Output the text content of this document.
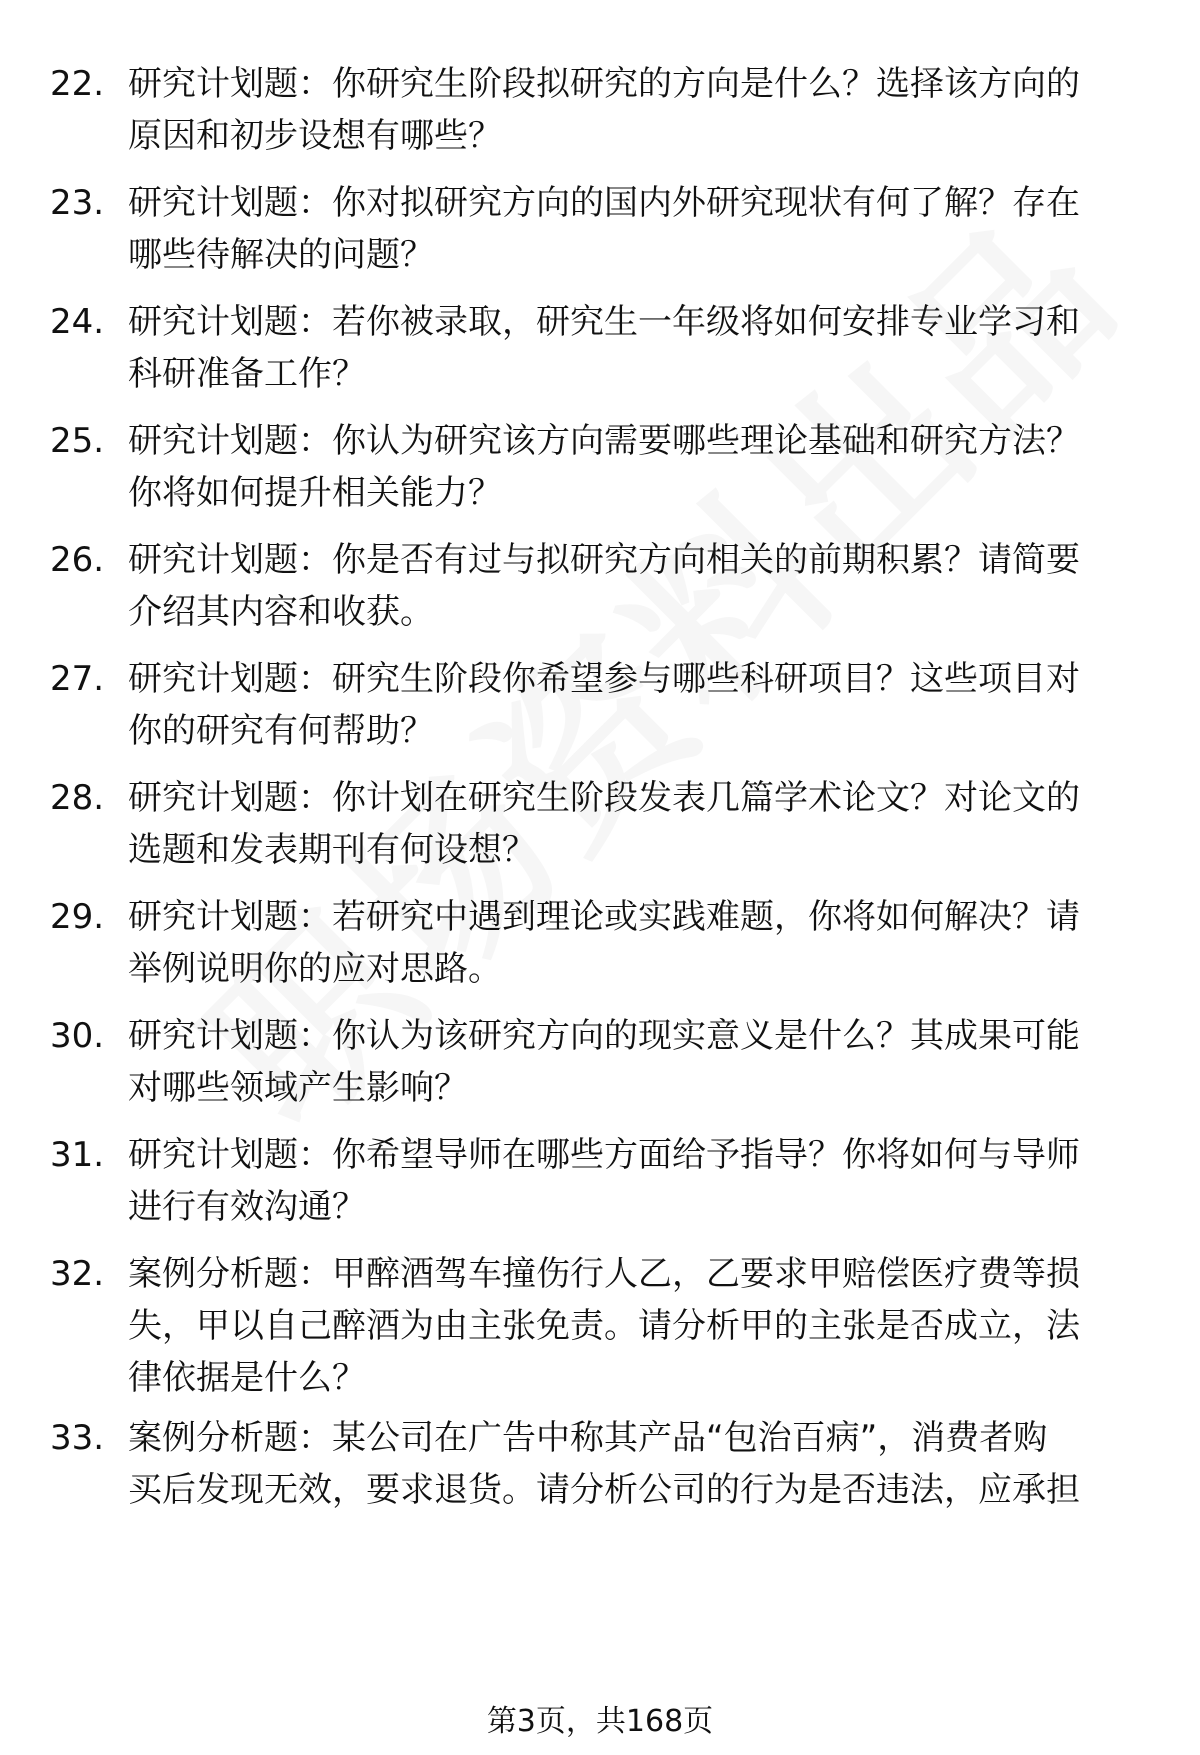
22. 研究计划题：你研究生阶段拟研究的方向是什么？选择该方向的
原因和初步设想有哪些？
23. 研究计划题：你对拟研究方向的国内外研究现状有何了解？存在
哪些待解决的问题？
24. 研究计划题：若你被录取，研究生一年级将如何安排专业学习和
科研准备工作？
25. 研究计划题：你认为研究该方向需要哪些理论基础和研究方法？
你将如何提升相关能力？
26. 研究计划题：你是否有过与拟研究方向相关的前期积累？请简要
介绍其内容和收获。
27. 研究计划题：研究生阶段你希望参与哪些科研项目？这些项目对
你的研究有何帮助？
28. 研究计划题：你计划在研究生阶段发表几篇学术论文？对论文的
选题和发表期刊有何设想？
29. 研究计划题：若研究中遇到理论或实践难题，你将如何解决？请
举例说明你的应对思路。
30. 研究计划题：你认为该研究方向的现实意义是什么？其成果可能
对哪些领域产生影响？
31. 研究计划题：你希望导师在哪些方面给予指导？你将如何与导师
进行有效沟通？
32. 案例分析题：甲醉酒驾车撞伤行人乙，乙要求甲赔偿医疗费等损
失，甲以自己醉酒为由主张免责。请分析甲的主张是否成立，法
律依据是什么？
33. 案例分析题：某公司在广告中称其产品“包治百病”，消费者购
买后发现无效，要求退货。请分析公司的行为是否违法，应承担
第3页，共168页
